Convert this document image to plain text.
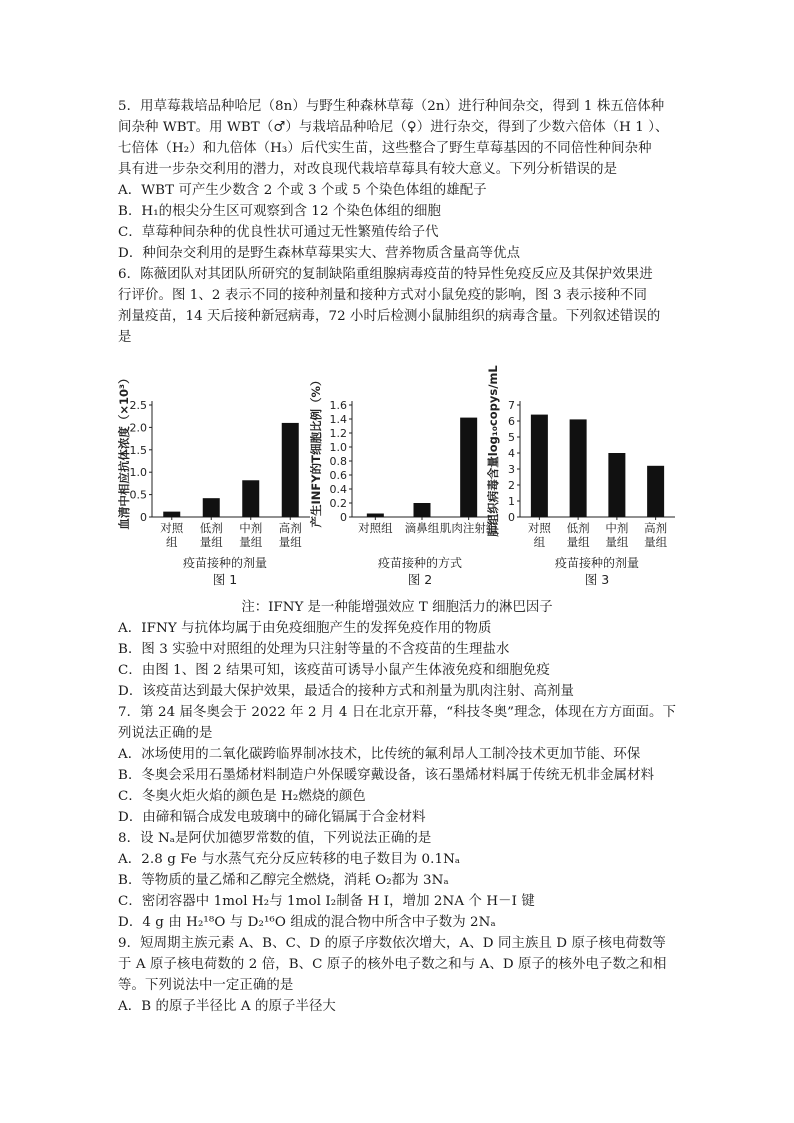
5．用草莓栽培品种哈尼（8n）与野生种森林草莓（2n）进行种间杂交，得到 1 株五倍体种
间杂种 WBT。用 WBT（♂）与栽培品种哈尼（♀）进行杂交，得到了少数六倍体（H 1 ）、
七倍体（H₂）和九倍体（H₃）后代实生苗，这些整合了野生草莓基因的不同倍性种间杂种
具有进一步杂交利用的潜力，对改良现代栽培草莓具有较大意义。下列分析错误的是
A．WBT 可产生少数含 2 个或 3 个或 5 个染色体组的雄配子
B．H₁的根尖分生区可观察到含 12 个染色体组的细胞
C．草莓种间杂种的优良性状可通过无性繁殖传给子代
D．种间杂交利用的是野生森林草莓果实大、营养物质含量高等优点
6．陈薇团队对其团队所研究的复制缺陷重组腺病毒疫苗的特异性免疫反应及其保护效果进
行评价。图 1、2 表示不同的接种剂量和接种方式对小鼠免疫的影响，图 3 表示接种不同
剂量疫苗，14 天后接种新冠病毒，72 小时后检测小鼠肺组织的病毒含量。下列叙述错误的
是
0
0.5
1.0
1.5
2.0
2.5
对照
组
低剂
量组
中剂
量组
高剂
量组
血清中相应抗体浓度（×10³）
疫苗接种的剂量
图 1
0
0.2
0.4
0.6
0.8
1.0
1.2
1.4
1.6
对照组 滴鼻组 肌肉注射组
产生INFY的T细胞比例（%）
疫苗接种的方式
图 2
0
1
2
3
4
5
6
7
对照
组
低剂
量组
中剂
量组
高剂
量组
肺组织病毒含量log₁₀copys/mL
疫苗接种的剂量
图 3
注：IFNY 是一种能增强效应 T 细胞活力的淋巴因子
A．IFNY 与抗体均属于由免疫细胞产生的发挥免疫作用的物质
B．图 3 实验中对照组的处理为只注射等量的不含疫苗的生理盐水
C．由图 1、图 2 结果可知，该疫苗可诱导小鼠产生体液免疫和细胞免疫
D．该疫苗达到最大保护效果，最适合的接种方式和剂量为肌肉注射、高剂量
7．第 24 届冬奥会于 2022 年 2 月 4 日在北京开幕，“科技冬奥”理念，体现在方方面面。下
列说法正确的是
A．冰场使用的二氧化碳跨临界制冰技术，比传统的氟利昂人工制冷技术更加节能、环保
B．冬奥会采用石墨烯材料制造户外保暖穿戴设备，该石墨烯材料属于传统无机非金属材料
C．冬奥火炬火焰的颜色是 H₂燃烧的颜色
D．由碲和镉合成发电玻璃中的碲化镉属于合金材料
8．设 Nₐ是阿伏加德罗常数的值，下列说法正确的是
A．2.8 g Fe 与水蒸气充分反应转移的电子数目为 0.1Nₐ
B．等物质的量乙烯和乙醇完全燃烧，消耗 O₂都为 3Nₐ
C．密闭容器中 1mol H₂与 1mol I₂制备 H I，增加 2NA 个 H－I 键
D．4 g 由 H₂¹⁸O 与 D₂¹⁶O 组成的混合物中所含中子数为 2Nₐ
9．短周期主族元素 A、B、C、D 的原子序数依次增大，A、D 同主族且 D 原子核电荷数等
于 A 原子核电荷数的 2 倍，B、C 原子的核外电子数之和与 A、D 原子的核外电子数之和相
等。下列说法中一定正确的是
A．B 的原子半径比 A 的原子半径大
